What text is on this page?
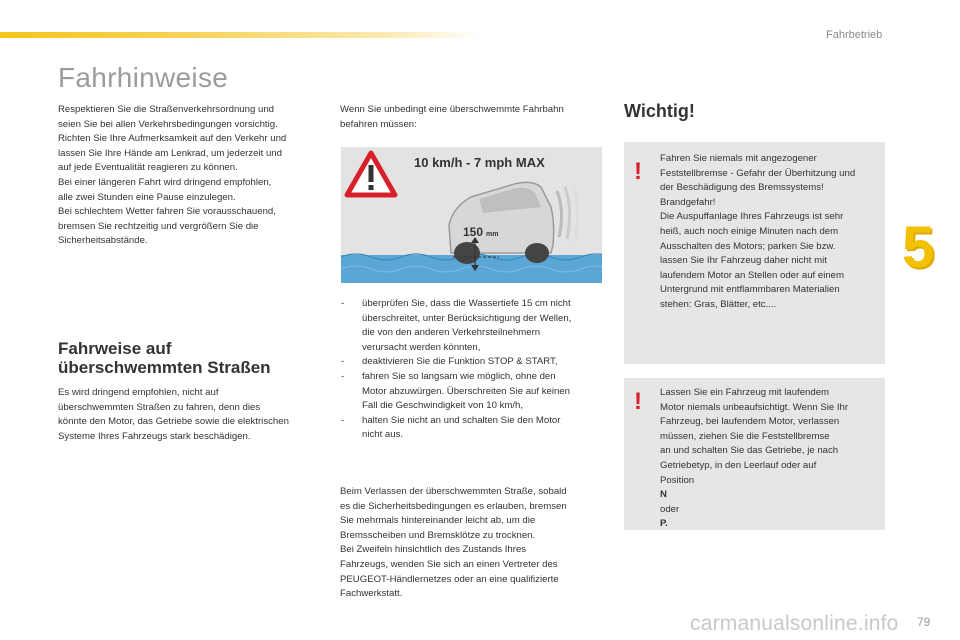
Fahrbetrieb
Fahrhinweise
5
Respektieren Sie die Straßenverkehrsordnung und
seien Sie bei allen Verkehrsbedingungen vorsichtig.
Richten Sie Ihre Aufmerksamkeit auf den Verkehr und
lassen Sie Ihre Hände am Lenkrad, um jederzeit und
auf jede Eventualität reagieren zu können.
Bei einer längeren Fahrt wird dringend empfohlen,
alle zwei Stunden eine Pause einzulegen.
Bei schlechtem Wetter fahren Sie vorausschauend,
bremsen Sie rechtzeitig und vergrößern Sie die
Sicherheitsabstände.
Fahrweise auf
überschwemmten Straßen
Es wird dringend empfohlen, nicht auf
überschwemmten Straßen zu fahren, denn dies
könnte den Motor, das Getriebe sowie die elektrischen
Systeme Ihres Fahrzeugs stark beschädigen.
Wenn Sie unbedingt eine überschwemmte Fahrbahn
befahren müssen:
10 km/h - 7 mph MAX
150 mm
- überprüfen Sie, dass die Wassertiefe 15 cm nicht
überschreitet, unter Berücksichtigung der Wellen,
die von den anderen Verkehrsteilnehmern
verursacht werden könnten,
- deaktivieren Sie die Funktion STOP & START,
- fahren Sie so langsam wie möglich, ohne den
Motor abzuwürgen. Überschreiten Sie auf keinen
Fall die Geschwindigkeit von 10 km/h,
- halten Sie nicht an und schalten Sie den Motor
nicht aus.
Beim Verlassen der überschwemmten Straße, sobald
es die Sicherheitsbedingungen es erlauben, bremsen
Sie mehrmals hintereinander leicht ab, um die
Bremsscheiben und Bremsklötze zu trocknen.
Bei Zweifeln hinsichtlich des Zustands Ihres
Fahrzeugs, wenden Sie sich an einen Vertreter des
PEUGEOT-Händlernetzes oder an eine qualifizierte
Fachwerkstatt.
Wichtig!
! Fahren Sie niemals mit angezogener
Feststellbremse - Gefahr der Überhitzung und
der Beschädigung des Bremssystems!
Brandgefahr!
Die Auspuffanlage Ihres Fahrzeugs ist sehr
heiß, auch noch einige Minuten nach dem
Ausschalten des Motors; parken Sie bzw.
lassen Sie Ihr Fahrzeug daher nicht mit
laufendem Motor an Stellen oder auf einem
Untergrund mit entflammbaren Materialien
stehen: Gras, Blätter, etc....
! Lassen Sie ein Fahrzeug mit laufendem
Motor niemals unbeaufsichtigt. Wenn Sie Ihr
Fahrzeug, bei laufendem Motor, verlassen
müssen, ziehen Sie die Feststellbremse
an und schalten Sie das Getriebe, je nach
Getriebetyp, in den Leerlauf oder auf
Position
N
oder
P.
carmanualsonline.info 79
